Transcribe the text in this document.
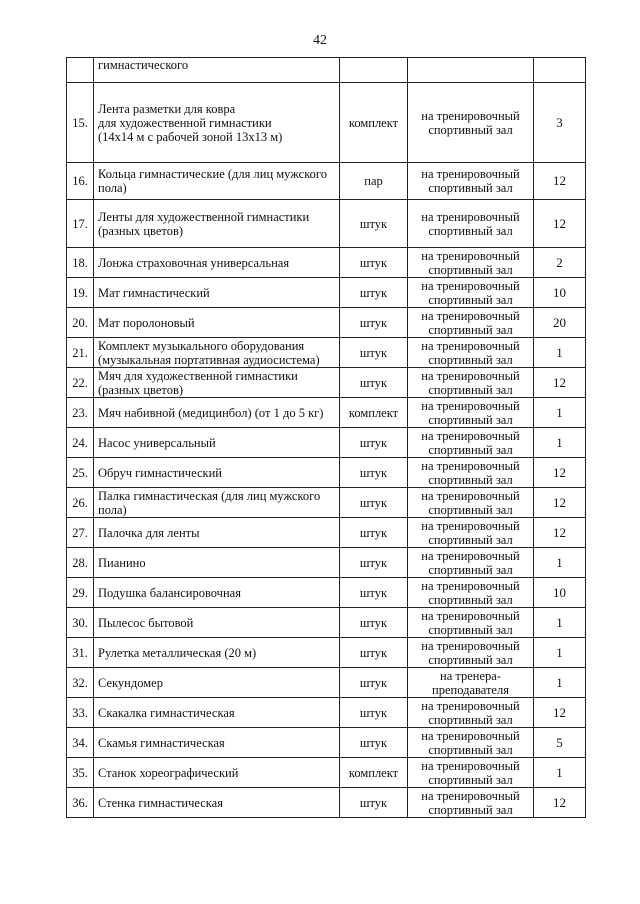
42
	гимнастического			
15.	Лента разметки для ковра
для художественной гимнастики
(14x14 м с рабочей зоной 13x13 м)	комплект	на тренировочный
спортивный зал	3
16.	Кольца гимнастические (для лиц мужского
пола)	пар	на тренировочный
спортивный зал	12
17.	Ленты для художественной гимнастики
(разных цветов)	штук	на тренировочный
спортивный зал	12
18.	Лонжа страховочная универсальная	штук	на тренировочный
спортивный зал	2
19.	Мат гимнастический	штук	на тренировочный
спортивный зал	10
20.	Мат поролоновый	штук	на тренировочный
спортивный зал	20
21.	Комплект музыкального оборудования
(музыкальная портативная аудиосистема)	штук	на тренировочный
спортивный зал	1
22.	Мяч для художественной гимнастики
(разных цветов)	штук	на тренировочный
спортивный зал	12
23.	Мяч набивной (медицинбол) (от 1 до 5 кг)	комплект	на тренировочный
спортивный зал	1
24.	Насос универсальный	штук	на тренировочный
спортивный зал	1
25.	Обруч гимнастический	штук	на тренировочный
спортивный зал	12
26.	Палка гимнастическая (для лиц мужского
пола)	штук	на тренировочный
спортивный зал	12
27.	Палочка для ленты	штук	на тренировочный
спортивный зал	12
28.	Пианино	штук	на тренировочный
спортивный зал	1
29.	Подушка балансировочная	штук	на тренировочный
спортивный зал	10
30.	Пылесос бытовой	штук	на тренировочный
спортивный зал	1
31.	Рулетка металлическая (20 м)	штук	на тренировочный
спортивный зал	1
32.	Секундомер	штук	на тренера-
преподавателя	1
33.	Скакалка гимнастическая	штук	на тренировочный
спортивный зал	12
34.	Скамья гимнастическая	штук	на тренировочный
спортивный зал	5
35.	Станок хореографический	комплект	на тренировочный
спортивный зал	1
36.	Стенка гимнастическая	штук	на тренировочный
спортивный зал	12
